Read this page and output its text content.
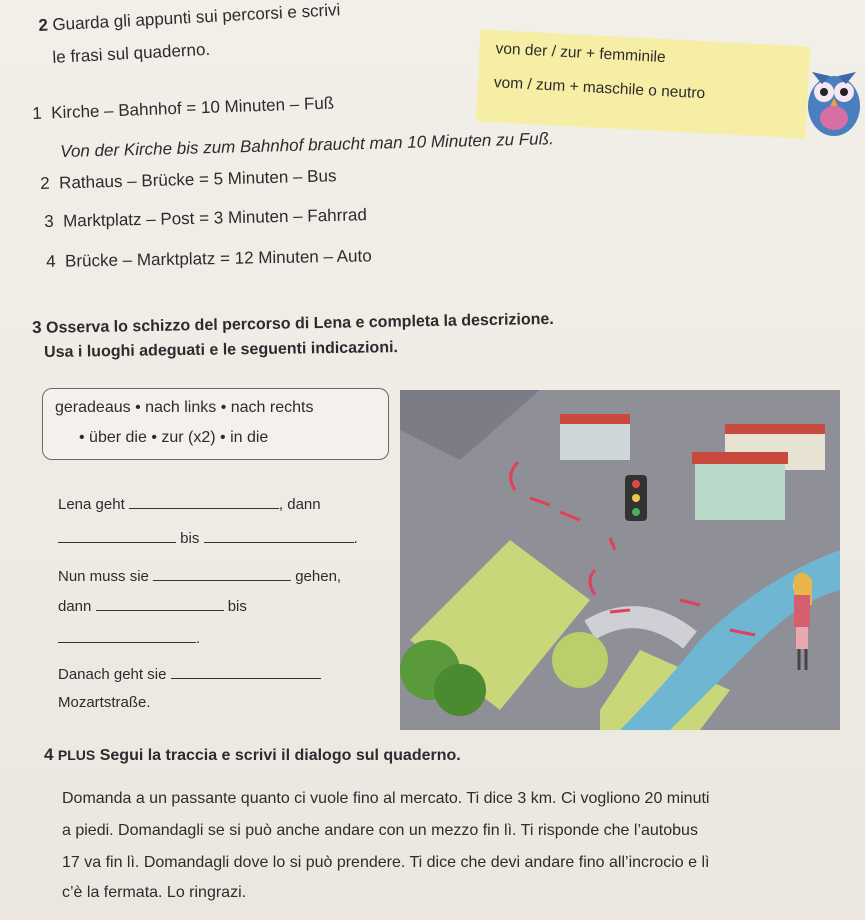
2 Guarda gli appunti sui percorsi e scrivi
le frasi sul quaderno.	von der / zur + femminile
vom / zum + maschile o neutro
1 Kirche – Bahnhof = 10 Minuten – Fuß
Von der Kirche bis zum Bahnhof braucht man 10 Minuten zu Fuß.
2 Rathaus – Brücke = 5 Minuten – Bus
3 Marktplatz – Post = 3 Minuten – Fahrrad
4 Brücke – Marktplatz = 12 Minuten – Auto
3 Osserva lo schizzo del percorso di Lena e completa la descrizione.
Usa i luoghi adeguati e le seguenti indicazioni.
geradeaus • nach links • nach rechts
• über die • zur (x2) • in die
Lena geht	, dann
bis	.
Nun muss sie	gehen,
dann	bis
.
Danach geht sie
Mozartstraße.
4 PLUS Segui la traccia e scrivi il dialogo sul quaderno.
Domanda a un passante quanto ci vuole fino al mercato. Ti dice 3 km. Ci vogliono 20 minuti
a piedi. Domandagli se si può anche andare con un mezzo fin lì. Ti risponde che l’autobus
17 va fin lì. Domandagli dove lo si può prendere. Ti dice che devi andare fino all’incrocio e lì
c’è la fermata. Lo ringrazi.
